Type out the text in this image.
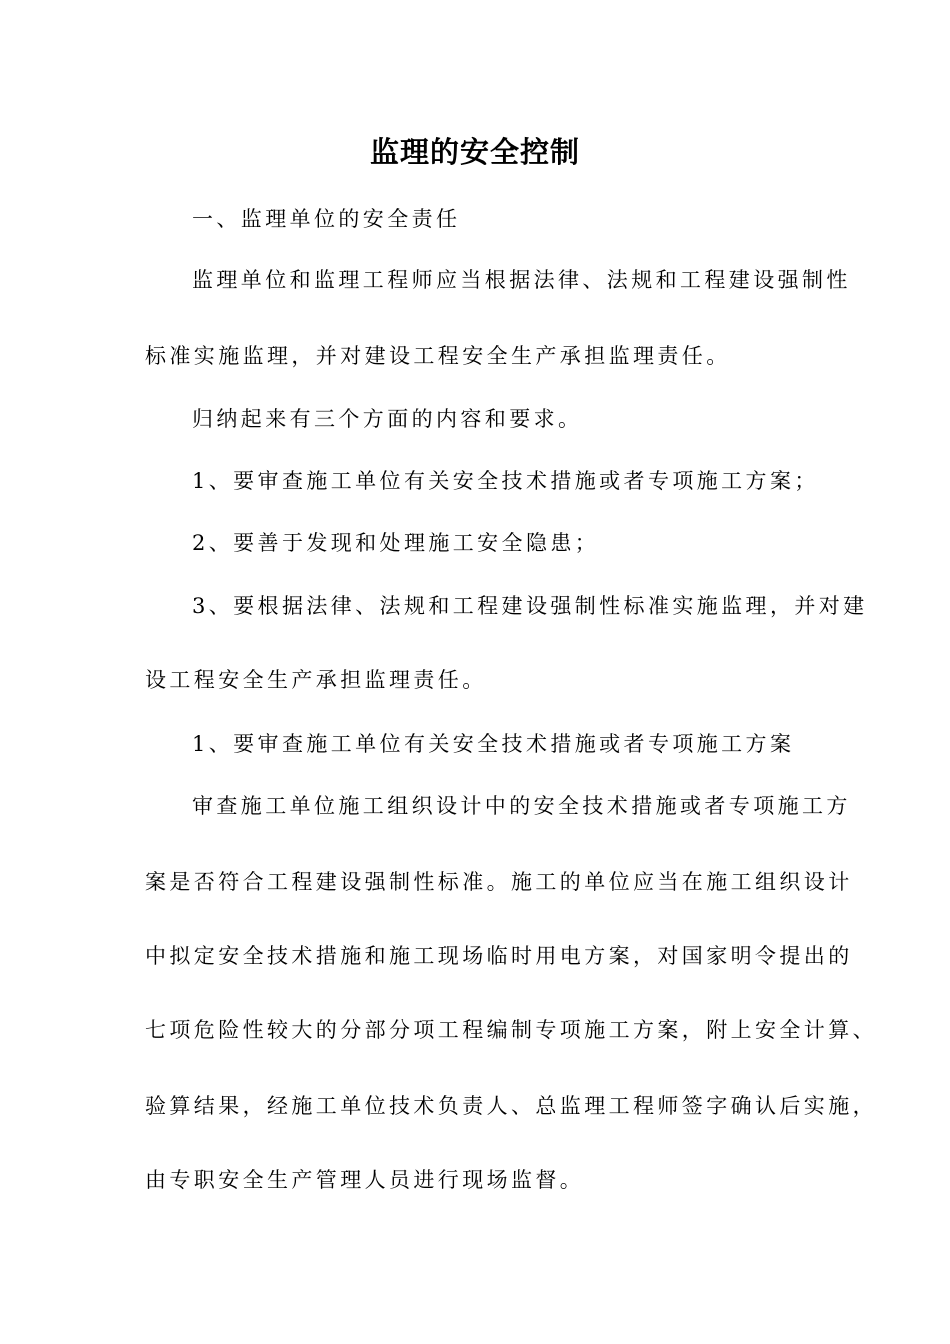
监理的安全控制
一、监理单位的安全责任
监理单位和监理工程师应当根据法律、法规和工程建设强制性
标准实施监理，并对建设工程安全生产承担监理责任。
归纳起来有三个方面的内容和要求。
1、要审查施工单位有关安全技术措施或者专项施工方案；
2、要善于发现和处理施工安全隐患；
3、要根据法律、法规和工程建设强制性标准实施监理，并对建
设工程安全生产承担监理责任。
1、要审查施工单位有关安全技术措施或者专项施工方案
审查施工单位施工组织设计中的安全技术措施或者专项施工方
案是否符合工程建设强制性标准。施工的单位应当在施工组织设计
中拟定安全技术措施和施工现场临时用电方案，对国家明令提出的
七项危险性较大的分部分项工程编制专项施工方案，附上安全计算、
验算结果，经施工单位技术负责人、总监理工程师签字确认后实施，
由专职安全生产管理人员进行现场监督。
